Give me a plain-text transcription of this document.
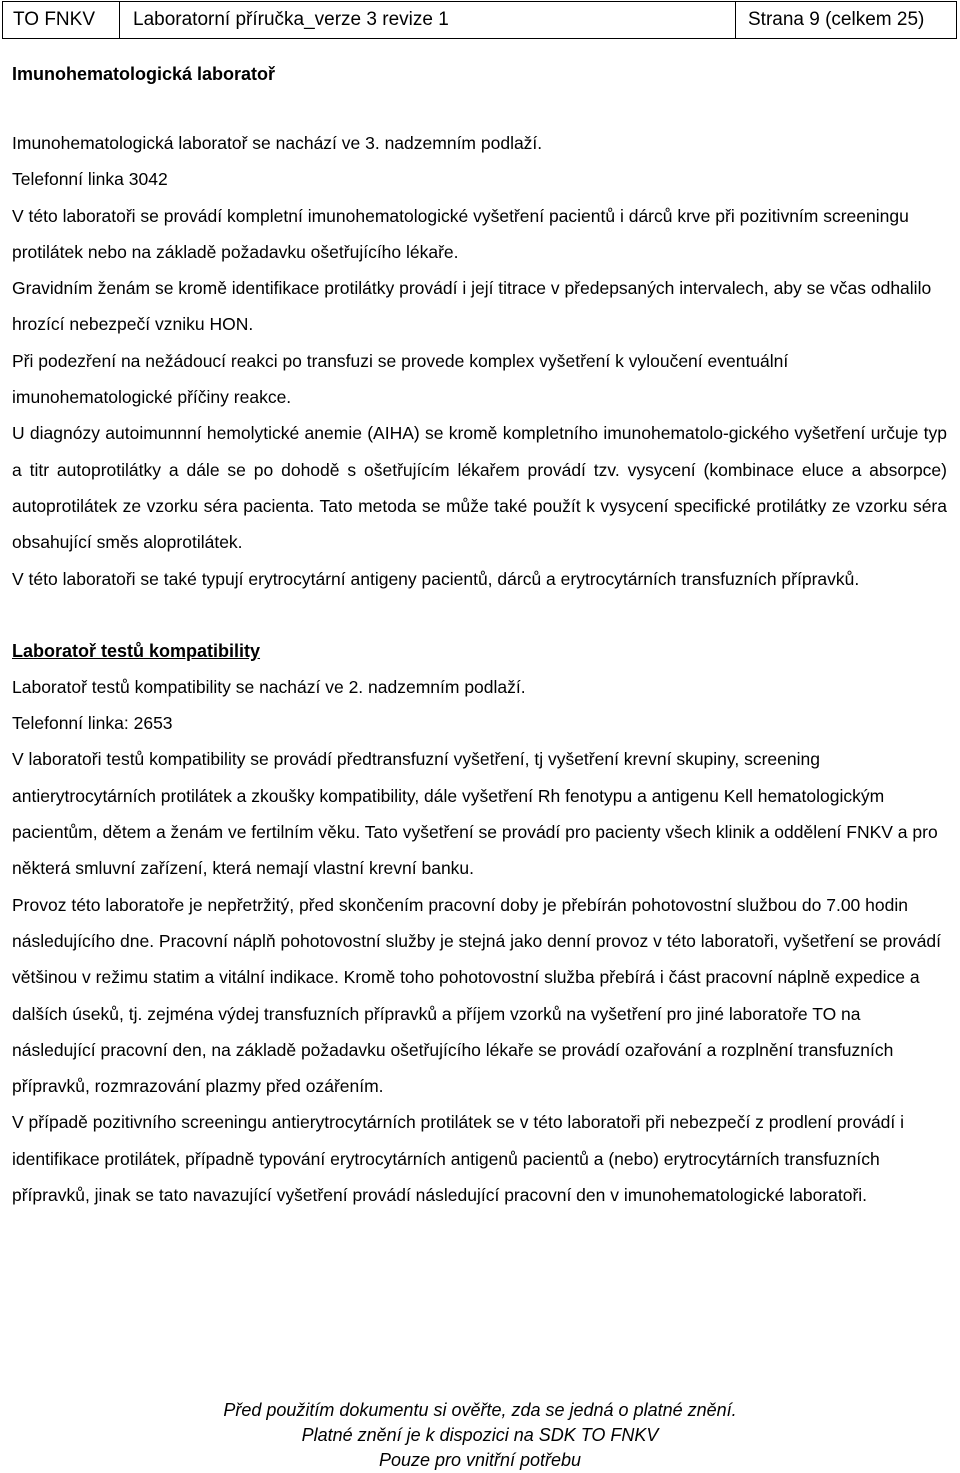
TO FNKV	Laboratorní příručka_verze 3 revize 1	Strana 9 (celkem 25)
Imunohematologická laboratoř
Imunohematologická laboratoř se nachází ve 3. nadzemním podlaží.
Telefonní linka 3042
V této laboratoři se provádí kompletní imunohematologické vyšetření pacientů i dárců krve při pozitivním screeningu protilátek nebo na základě požadavku ošetřujícího lékaře.
Gravidním ženám se kromě identifikace protilátky provádí i její titrace v předepsaných intervalech, aby se včas odhalilo hrozící nebezpečí vzniku HON.
Při podezření na nežádoucí reakci po transfuzi se provede komplex vyšetření k vyloučení eventuální imunohematologické příčiny reakce.
U diagnózy autoimunnní hemolytické anemie (AIHA) se kromě kompletního imunohematolo-gického vyšetření určuje typ a titr autoprotilátky a dále se po dohodě s ošetřujícím lékařem provádí tzv. vysycení (kombinace eluce a absorpce) autoprotilátek ze vzorku séra pacienta. Tato metoda se může také použít k vysycení specifické protilátky ze vzorku séra obsahující směs aloprotilátek.
V této laboratoři se také typují erytrocytární antigeny pacientů, dárců a erytrocytárních transfuzních přípravků.
Laboratoř testů kompatibility
Laboratoř testů kompatibility se nachází ve 2. nadzemním podlaží.
Telefonní linka: 2653
V laboratoři testů kompatibility se provádí předtransfuzní vyšetření, tj vyšetření krevní skupiny, screening antierytrocytárních protilátek a zkoušky kompatibility, dále vyšetření Rh fenotypu a antigenu Kell hematologickým pacientům, dětem a ženám ve fertilním věku. Tato vyšetření se provádí pro pacienty všech klinik a oddělení FNKV a pro některá smluvní zařízení, která nemají vlastní krevní banku.
Provoz této laboratoře je nepřetržitý, před skončením pracovní doby je přebírán pohotovostní službou do 7.00 hodin následujícího dne. Pracovní náplň pohotovostní služby je stejná jako denní provoz v této laboratoři, vyšetření se provádí většinou v režimu statim a vitální indikace. Kromě toho pohotovostní služba přebírá i část pracovní náplně expedice a dalších úseků, tj. zejména výdej transfuzních přípravků a příjem vzorků na vyšetření pro jiné laboratoře TO na následující pracovní den, na základě požadavku ošetřujícího lékaře se provádí ozařování a rozplnění transfuzních přípravků, rozmrazování plazmy před ozářením.
V případě pozitivního screeningu antierytrocytárních protilátek se v této laboratoři při nebezpečí z prodlení provádí i identifikace protilátek, případně typování erytrocytárních antigenů pacientů a (nebo) erytrocytárních transfuzních přípravků, jinak se tato navazující vyšetření provádí následující pracovní den v imunohematologické laboratoři.
Před použitím dokumentu si ověřte, zda se jedná o platné znění.
Platné znění je k dispozici na SDK TO FNKV
Pouze pro vnitřní potřebu
